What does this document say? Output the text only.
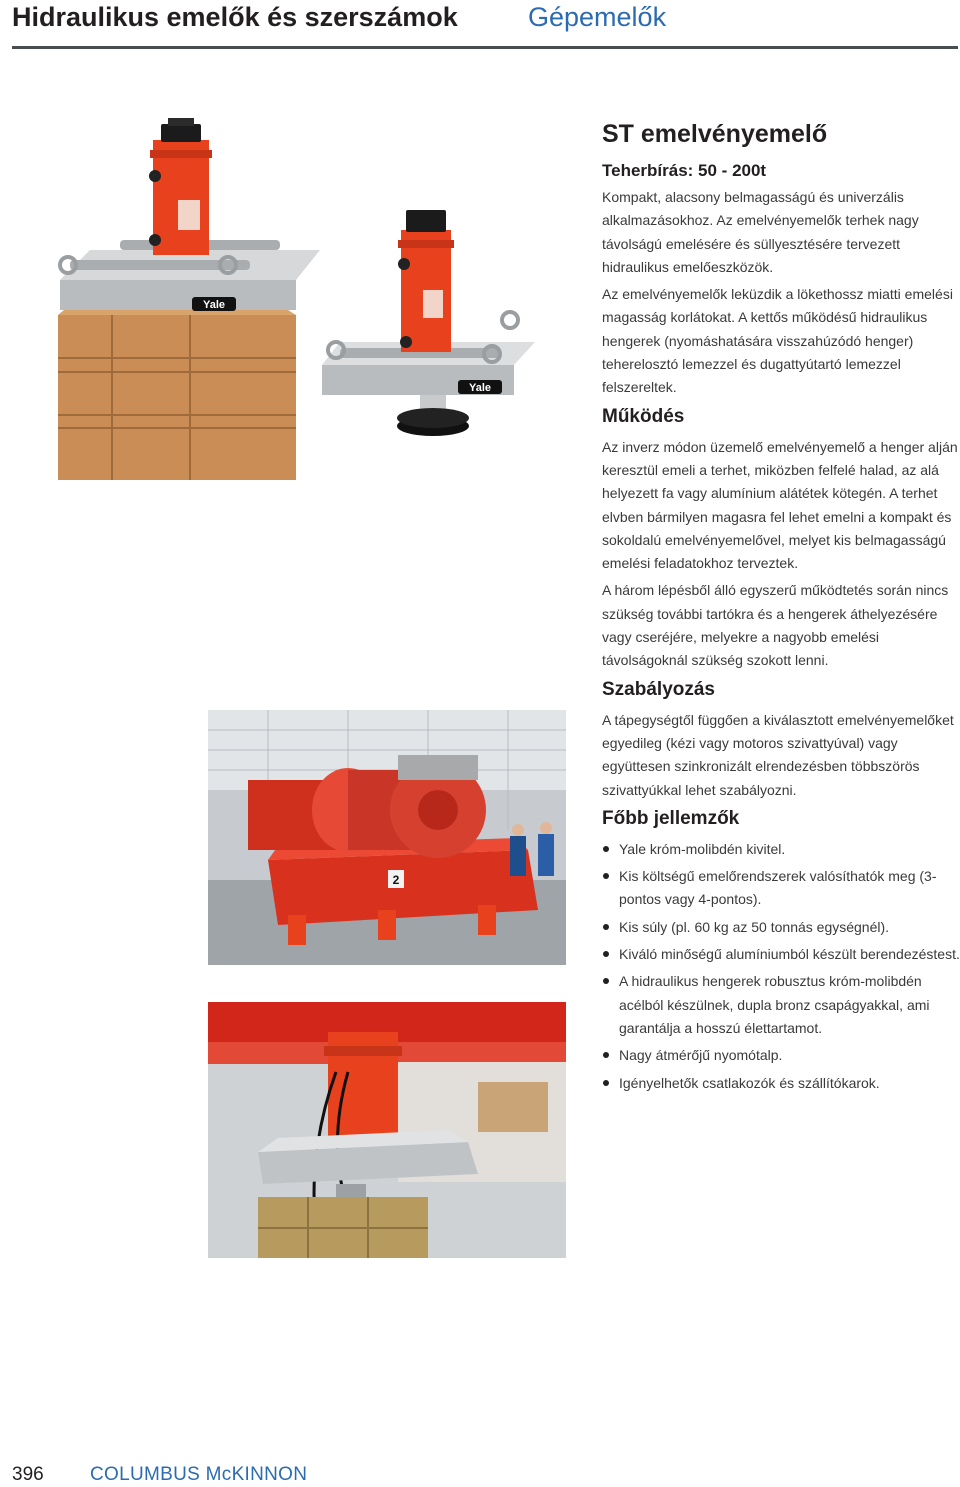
Hidraulikus emelők és szerszámok	Gépemelők
Yale
Yale
2
ST emelvényemelő
Teherbírás: 50 - 200t

Kompakt, alacsony belmagasságú és univerzális alkalmazásokhoz. Az emelvényemelők terhek nagy távolságú emelésére és süllyesztésére tervezett hidraulikus emelőeszközök.

Az emelvényemelők leküzdik a lökethossz miatti emelési magasság korlátokat. A kettős működésű hidraulikus hengerek (nyomáshatására visszahúzódó henger) teherelosztó lemezzel és dugattyútartó lemezzel felszereltek.

Működés

Az inverz módon üzemelő emelvényemelő a henger alján keresztül emeli a terhet, miközben felfelé halad, az alá helyezett fa vagy alumínium alátétek kötegén. A terhet elvben bármilyen magasra fel lehet emelni a kompakt és sokoldalú emelvényemelővel, melyet kis belmagasságú emelési feladatokhoz terveztek.

A három lépésből álló egyszerű működtetés során nincs szükség további tartókra és a hengerek áthelyezésére vagy cseréjére, melyekre a nagyobb emelési távolságoknál szükség szokott lenni.

Szabályozás

A tápegységtől függően a kiválasztott emelvényemelőket egyedileg (kézi vagy motoros szivattyúval) vagy együttesen szinkronizált elrendezésben többszörös szivattyúkkal lehet szabályozni.

Főbb jellemzők
Yale króm-molibdén kivitel.
Kis költségű emelőrendszerek valósíthatók meg (3-pontos vagy 4-pontos).
Kis súly (pl. 60 kg az 50 tonnás egységnél).
Kiváló minőségű alumíniumból készült berendezéstest.
A hidraulikus hengerek robusztus króm-molibdén acélból készülnek, dupla bronz csapágyakkal, ami garantálja a hosszú élettartamot.
Nagy átmérőjű nyomótalp.
Igényelhetők csatlakozók és szállítókarok.
396 COLUMBUS McKINNON
